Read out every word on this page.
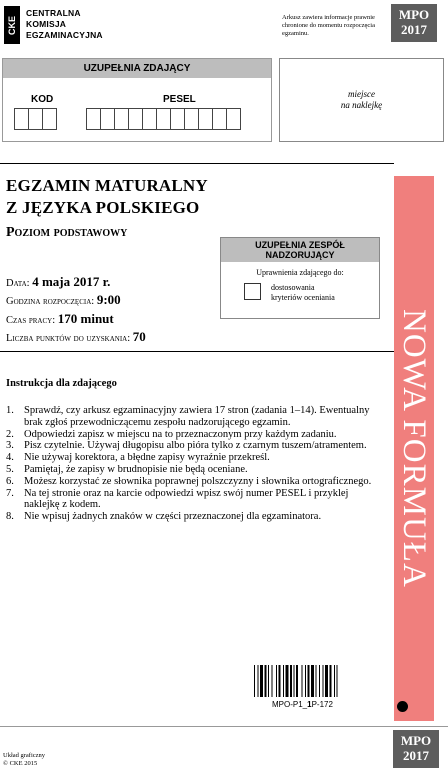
CKE
CENTRALNA
KOMISJA
EGZAMINACYJNA
Arkusz zawiera informacje prawnie chronione do momentu rozpoczęcia egzaminu.
MPO
2017
UZUPEŁNIA ZDAJĄCY
KOD	PESEL	miejsce
na naklejkę
EGZAMIN MATURALNY
Z JĘZYKA POLSKIEGO
Poziom podstawowy
UZUPEŁNIA ZESPÓŁ
NADZORUJĄCY
Uprawnienia zdającego do:
dostosowania
kryteriów oceniania
Data: 4 maja 2017 r.
Godzina rozpoczęcia: 9:00
Czas pracy: 170 minut
Liczba punktów do uzyskania: 70
Instrukcja dla zdającego
1. Sprawdź, czy arkusz egzaminacyjny zawiera 17 stron (zadania 1–14). Ewentualny brak zgłoś przewodniczącemu zespołu nadzorującego egzamin.
2. Odpowiedzi zapisz w miejscu na to przeznaczonym przy każdym zadaniu.
3. Pisz czytelnie. Używaj długopisu albo pióra tylko z czarnym tuszem/atramentem.
4. Nie używaj korektora, a błędne zapisy wyraźnie przekreśl.
5. Pamiętaj, że zapisy w brudnopisie nie będą oceniane.
6. Możesz korzystać ze słownika poprawnej polszczyzny i słownika ortograficznego.
7. Na tej stronie oraz na karcie odpowiedzi wpisz swój numer PESEL i przyklej naklejkę z kodem.
8. Nie wpisuj żadnych znaków w części przeznaczonej dla egzaminatora.	NOWA FORMUŁA
MPO-P1_1P-172
Układ graficzny
© CKE 2015
MPO
2017
